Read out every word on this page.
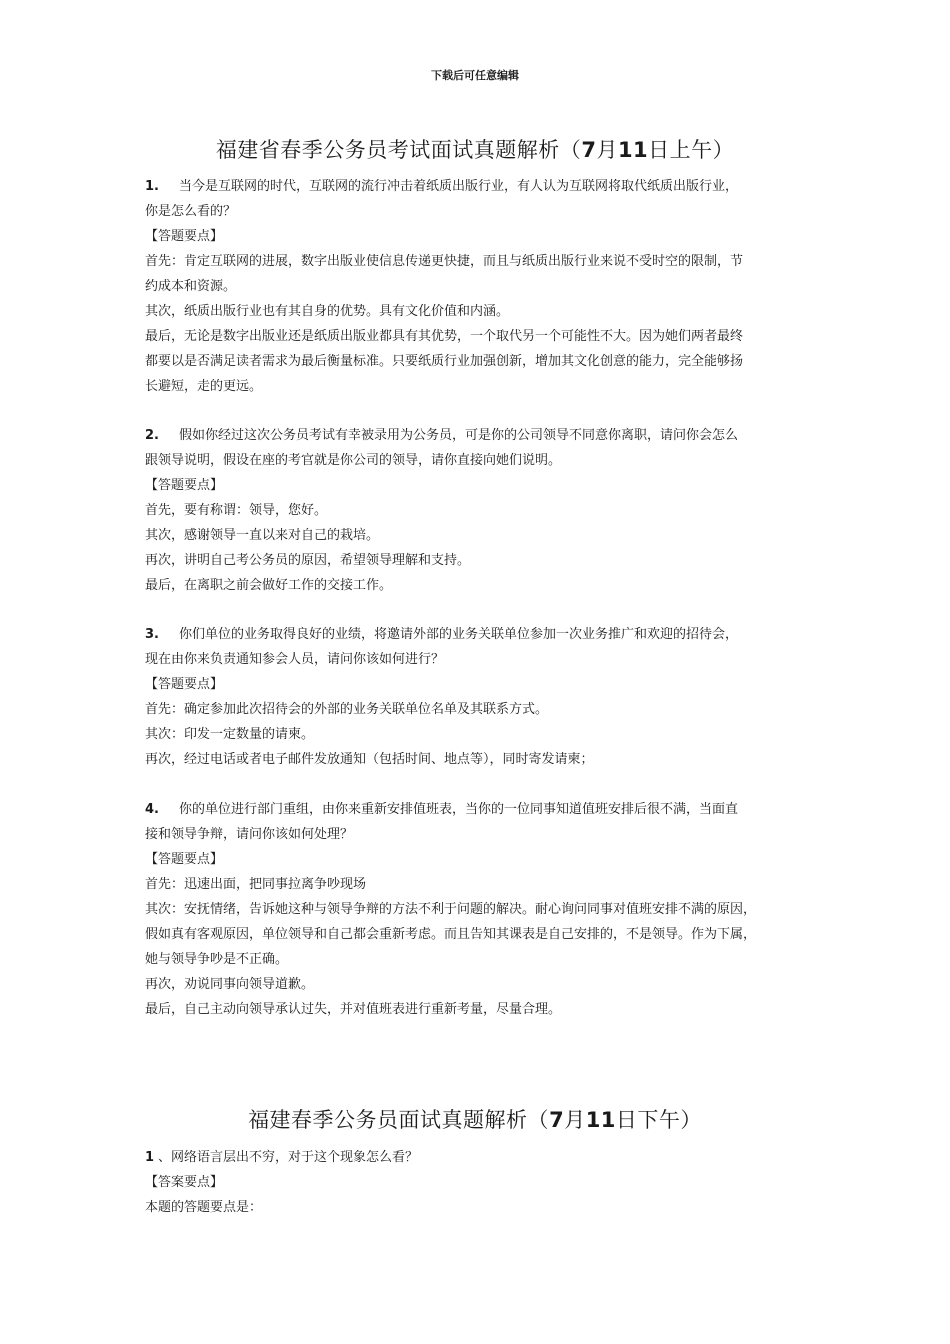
下载后可任意编辑
福建省春季公务员考试面试真题解析（7月11日上午）
1. 当今是互联网的时代，互联网的流行冲击着纸质出版行业，有人认为互联网将取代纸质出版行业，
你是怎么看的？
【答题要点】
首先：肯定互联网的进展，数字出版业使信息传递更快捷，而且与纸质出版行业来说不受时空的限制，节
约成本和资源。
其次，纸质出版行业也有其自身的优势。具有文化价值和内涵。
最后，无论是数字出版业还是纸质出版业都具有其优势，一个取代另一个可能性不大。因为她们两者最终
都要以是否满足读者需求为最后衡量标准。只要纸质行业加强创新，增加其文化创意的能力，完全能够扬
长避短，走的更远。
2. 假如你经过这次公务员考试有幸被录用为公务员，可是你的公司领导不同意你离职，请问你会怎么
跟领导说明，假设在座的考官就是你公司的领导，请你直接向她们说明。
【答题要点】
首先，要有称谓：领导，您好。
其次，感谢领导一直以来对自己的栽培。
再次，讲明自己考公务员的原因，希望领导理解和支持。
最后，在离职之前会做好工作的交接工作。
3. 你们单位的业务取得良好的业绩，将邀请外部的业务关联单位参加一次业务推广和欢迎的招待会，
现在由你来负责通知参会人员，请问你该如何进行？
【答题要点】
首先：确定参加此次招待会的外部的业务关联单位名单及其联系方式。
其次：印发一定数量的请柬。
再次，经过电话或者电子邮件发放通知（包括时间、地点等），同时寄发请柬；
4. 你的单位进行部门重组，由你来重新安排值班表，当你的一位同事知道值班安排后很不满，当面直
接和领导争辩，请问你该如何处理？
【答题要点】
首先：迅速出面，把同事拉离争吵现场
其次：安抚情绪，告诉她这种与领导争辩的方法不利于问题的解决。耐心询问同事对值班安排不满的原因，
假如真有客观原因，单位领导和自己都会重新考虑。而且告知其课表是自己安排的，不是领导。作为下属，
她与领导争吵是不正确。
再次，劝说同事向领导道歉。
最后，自己主动向领导承认过失，并对值班表进行重新考量，尽量合理。
福建春季公务员面试真题解析（7月11日下午）
1 、网络语言层出不穷，对于这个现象怎么看？
【答案要点】
本题的答题要点是：
